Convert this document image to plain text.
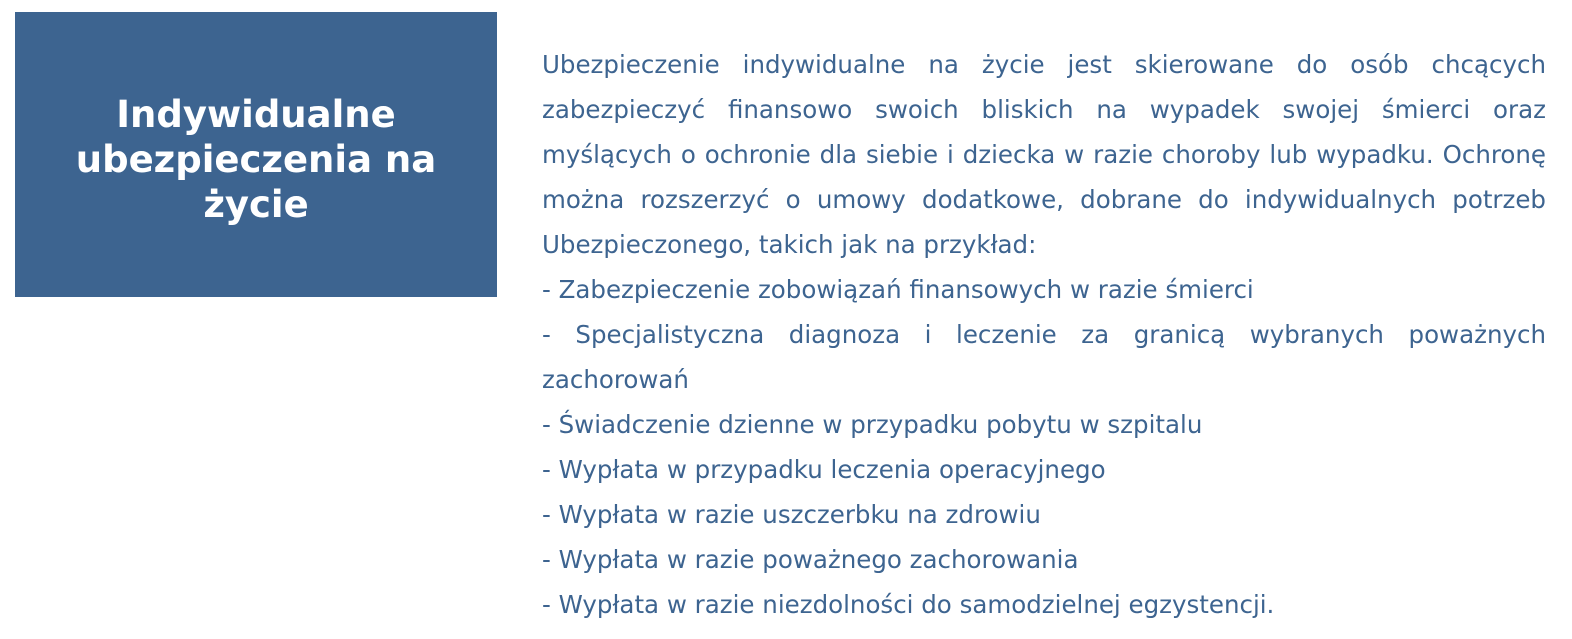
Indywidualne
ubezpieczenia na życie

Ubezpieczenie indywidualne na życie jest skierowane do osób chcących zabezpieczyć finansowo swoich bliskich na wypadek swojej śmierci oraz myślących o ochronie dla siebie i dziecka w razie choroby lub wypadku. Ochronę można rozszerzyć o umowy dodatkowe, dobrane do indywidualnych potrzeb Ubezpieczonego, takich jak na przykład:

- Zabezpieczenie zobowiązań finansowych w razie śmierci
- Specjalistyczna diagnoza i leczenie za granicą wybranych poważnych zachorowań
- Świadczenie dzienne w przypadku pobytu w szpitalu
- Wypłata w przypadku leczenia operacyjnego
- Wypłata w razie uszczerbku na zdrowiu
- Wypłata w razie poważnego zachorowania
- Wypłata w razie niezdolności do samodzielnej egzystencji.
